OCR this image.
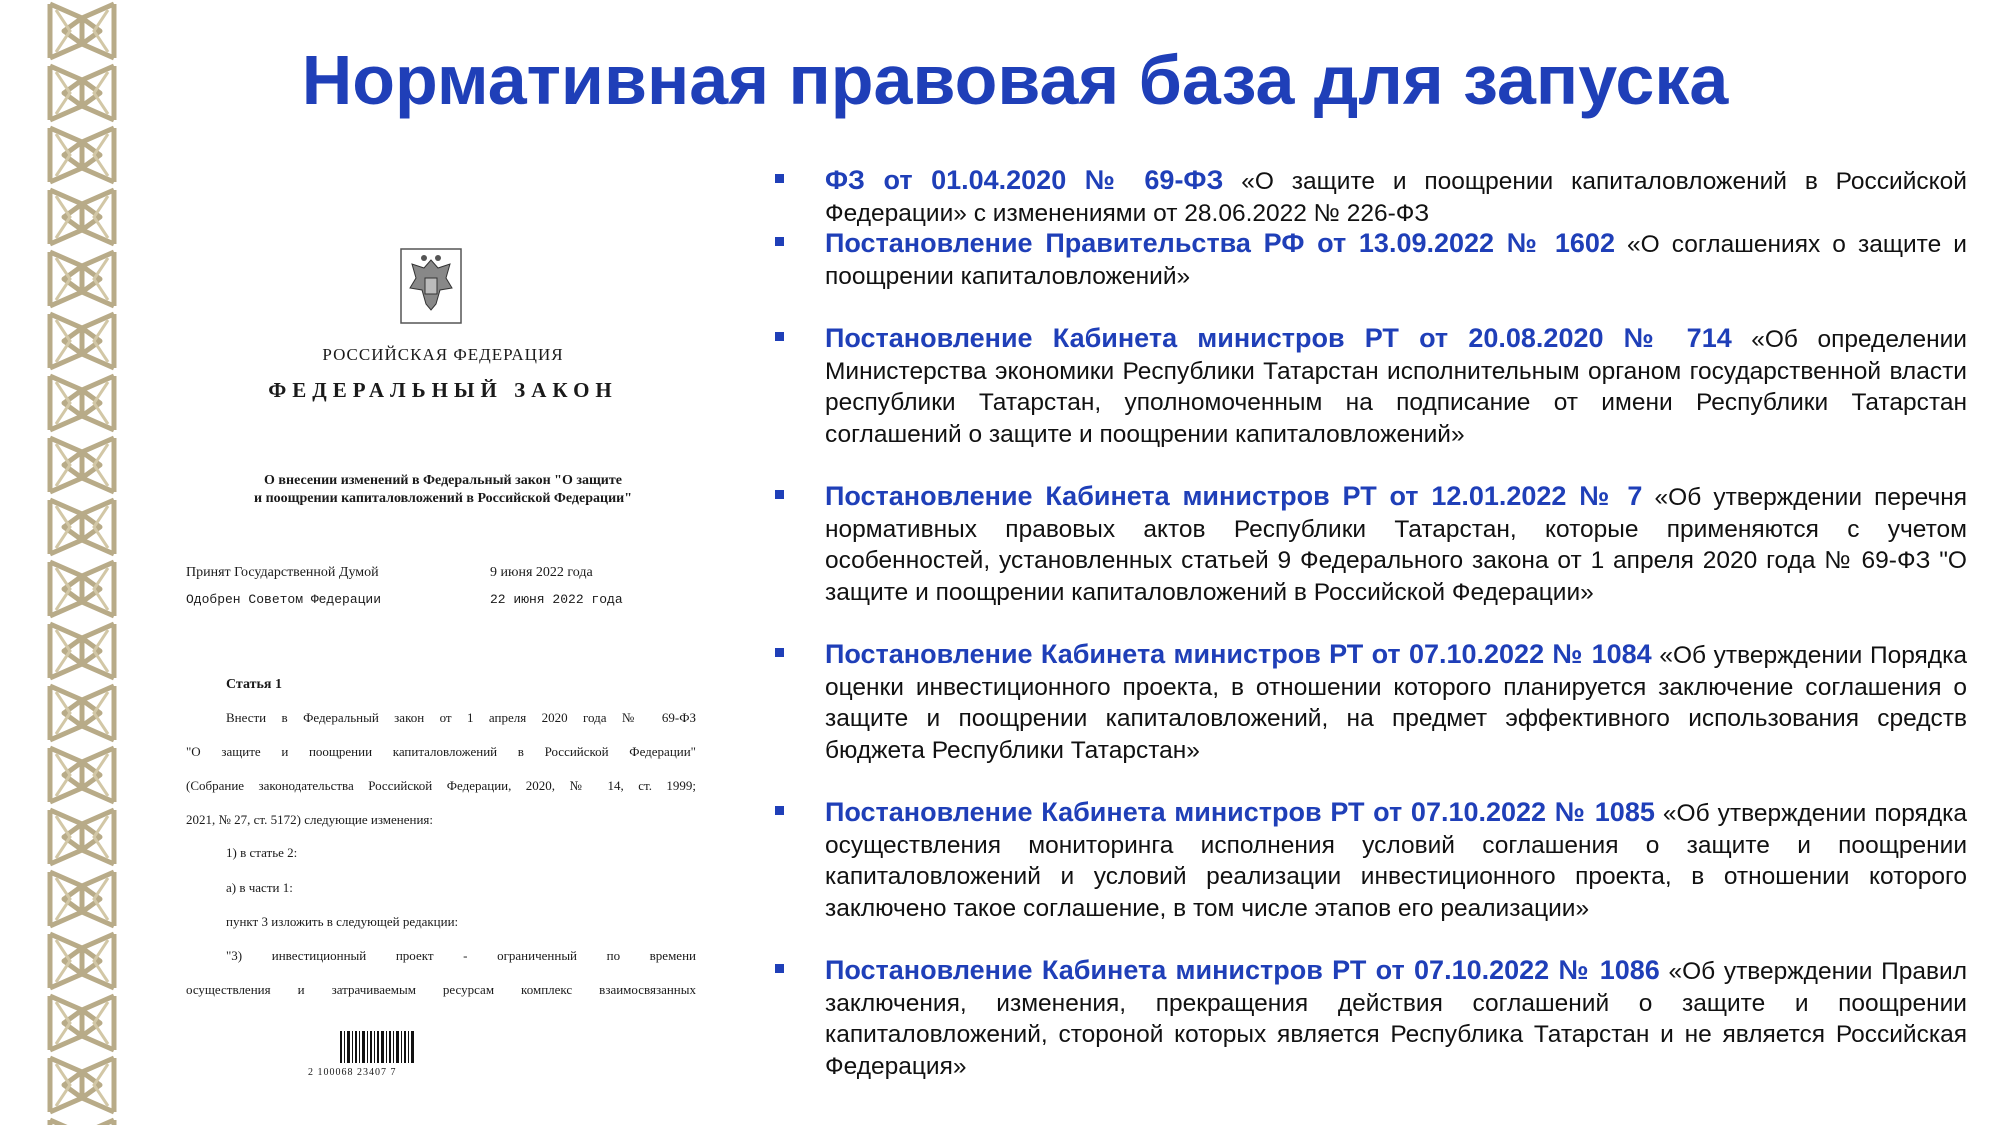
Нормативная правовая база для запуска
РОССИЙСКАЯ ФЕДЕРАЦИЯ
ФЕДЕРАЛЬНЫЙ ЗАКОН
О внесении изменений в Федеральный закон "О защите
и поощрении капиталовложений в Российской Федерации"
Принят Государственной Думой	9 июня 2022 года
Одобрен Советом Федерации	22 июня 2022 года
Статья 1
Внести в Федеральный закон от 1 апреля 2020 года № 69-ФЗ
"О защите и поощрении капиталовложений в Российской Федерации"
(Собрание законодательства Российской Федерации, 2020, № 14, ст. 1999;
2021, № 27, ст. 5172) следующие изменения:
1) в статье 2:
а) в части 1:
пункт 3 изложить в следующей редакции:
"3) инвестиционный проект - ограниченный по времени
осуществления и затрачиваемым ресурсам комплекс взаимосвязанных
2 100068 23407 7
ФЗ от 01.04.2020 № 69-ФЗ «О защите и поощрении капиталовложений в Российской Федерации» с изменениями от 28.06.2022 № 226-ФЗ
Постановление Правительства РФ от 13.09.2022 № 1602 «О соглашениях о защите и поощрении капиталовложений»
Постановление Кабинета министров РТ от 20.08.2020 № 714 «Об определении Министерства экономики Республики Татарстан исполнительным органом государственной власти республики Татарстан, уполномоченным на подписание от имени Республики Татарстан соглашений о защите и поощрении капиталовложений»
Постановление Кабинета министров РТ от 12.01.2022 № 7 «Об утверждении перечня нормативных правовых актов Республики Татарстан, которые применяются с учетом особенностей, установленных статьей 9 Федерального закона от 1 апреля 2020 года № 69-ФЗ "О защите и поощрении капиталовложений в Российской Федерации»
Постановление Кабинета министров РТ от 07.10.2022 № 1084 «Об утверждении Порядка оценки инвестиционного проекта, в отношении которого планируется заключение соглашения о защите и поощрении капиталовложений, на предмет эффективного использования средств бюджета Республики Татарстан»
Постановление Кабинета министров РТ от 07.10.2022 № 1085 «Об утверждении порядка осуществления мониторинга исполнения условий соглашения о защите и поощрении капиталовложений и условий реализации инвестиционного проекта, в отношении которого заключено такое соглашение, в том числе этапов его реализации»
Постановление Кабинета министров РТ от 07.10.2022 № 1086 «Об утверждении Правил заключения, изменения, прекращения действия соглашений о защите и поощрении капиталовложений, стороной которых является Республика Татарстан и не является Российская Федерация»
